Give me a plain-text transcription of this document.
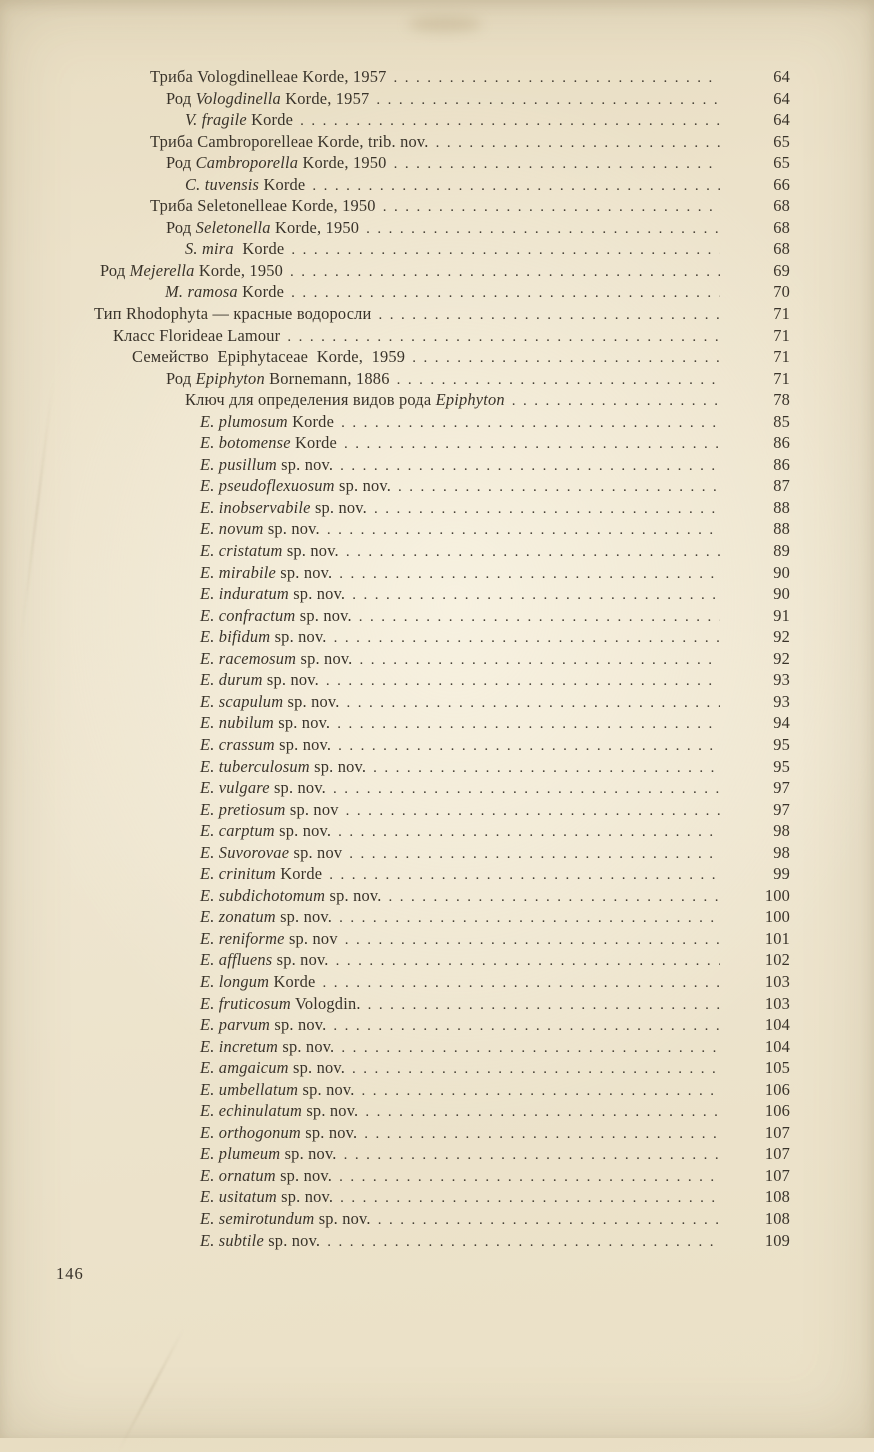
Триба Vologdinelleae Korde, 1957 .....	64
Род Vologdinella Korde, 1957 .....	64
V. fragile Korde .....	64
Триба Cambroporelleae Korde, trib. nov. .....	65
Род Cambroporella Korde, 1950 .....	65
C. tuvensis Korde .....	66
Триба Seletonelleae Korde, 1950 .....	68
Род Seletonella Korde, 1950 .....	68
S. mira  Korde .....	68
Род Mejerella Korde, 1950 .....	69
M. ramosa Korde .....	70
Тип Rhodophyta — красные водоросли .....	71
Класс Florideae Lamour .....	71
Семейство  Epiphytaceae  Korde,  1959 .....	71
Род Epiphyton Bornemann, 1886 .....	71
Ключ для определения видов рода Epiphyton .....	78
E. plumosum Korde .....	85
E. botomense Korde .....	86
E. pusillum sp. nov. .....	86
E. pseudoflexuosum sp. nov. .....	87
E. inobservabile sp. nov. .....	88
E. novum sp. nov. .....	88
E. cristatum sp. nov. .....	89
E. mirabile sp. nov. .....	90
E. induratum sp. nov. .....	90
E. confractum sp. nov. .....	91
E. bifidum sp. nov. .....	92
E. racemosum sp. nov. .....	92
E. durum sp. nov. .....	93
E. scapulum sp. nov. .....	93
E. nubilum sp. nov. .....	94
E. crassum sp. nov. .....	95
E. tuberculosum sp. nov. .....	95
E. vulgare sp. nov. .....	97
E. pretiosum sp. nov .....	97
E. carptum sp. nov. .....	98
E. Suvorovae sp. nov .....	98
E. crinitum Korde .....	99
E. subdichotomum sp. nov. .....	100
E. zonatum sp. nov. .....	100
E. reniforme sp. nov .....	101
E. affluens sp. nov. .....	102
E. longum Korde .....	103
E. fruticosum Vologdin. .....	103
E. parvum sp. nov. .....	104
E. incretum sp. nov. .....	104
E. amgaicum sp. nov. .....	105
E. umbellatum sp. nov. .....	106
E. echinulatum sp. nov. .....	106
E. orthogonum sp. nov. .....	107
E. plumeum sp. nov. .....	107
E. ornatum sp. nov. .....	107
E. usitatum sp. nov. .....	108
E. semirotundum sp. nov. .....	108
E. subtile sp. nov. .....	109
146
